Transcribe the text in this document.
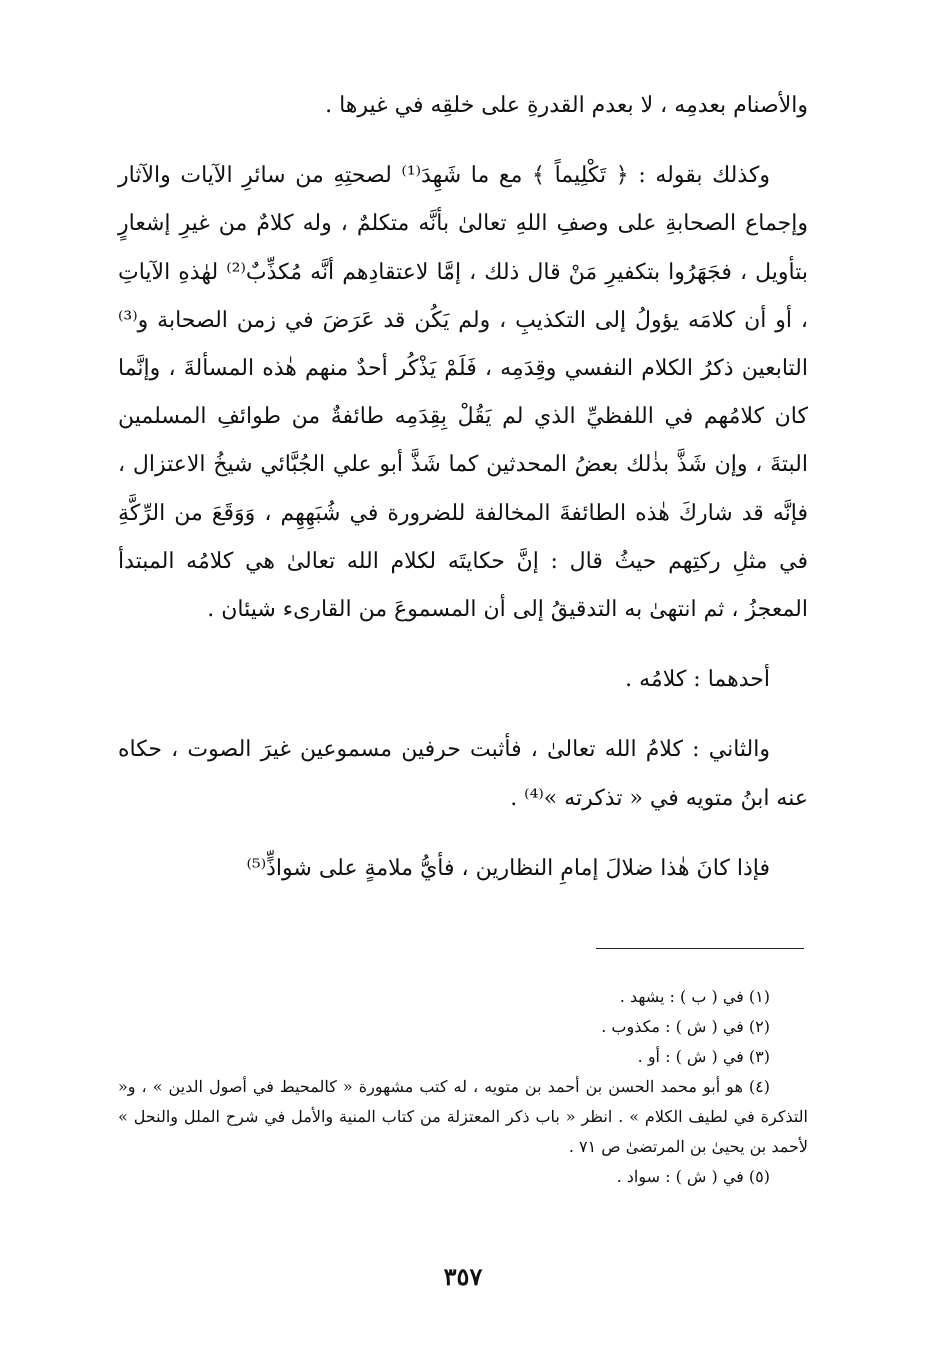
والأصنام بعدمِه ، لا بعدم القدرةِ على خلقِه في غيرها .

وكذلك بقوله : ﴿ تَكْلِيماً ﴾ مع ما شَهِدَ⁽¹⁾ لصحتِهِ من سائرِ الآيات والآثار وإجماع الصحابةِ على وصفِ اللهِ تعالىٰ بأنَّه متكلمٌ ، وله كلامٌ من غيرِ إشعارٍ بتأويل ، فجَهَرُوا بتكفيرِ مَنْ قال ذلك ، إمَّا لاعتقادِهم أنَّه مُكذِّبٌ⁽²⁾ لهٰذهِ الآياتِ ، أو أن كلامَه يؤولُ إلى التكذيبِ ، ولم يَكُن قد عَرَضَ في زمن الصحابة و⁽³⁾التابعين ذكرُ الكلام النفسي وقِدَمِه ، فَلَمْ يَذْكُر أحدٌ منهم هٰذه المسألةَ ، وإنَّما كان كلامُهم في اللفظيِّ الذي لم يَقُلْ بِقِدَمِه طائفةٌ من طوائفِ المسلمين البتةَ ، وإن شَذَّ بذٰلك بعضُ المحدثين كما شَذَّ أبو علي الجُبَّائي شيخُ الاعتزال ، فإنَّه قد شاركَ هٰذه الطائفةَ المخالفة للضرورة في شُبَهِهِم ، وَوَقَعَ من الرِّكَّةِ في مثلِ ركتِهم حيثُ قال : إنَّ حكايتَه لكلام الله تعالىٰ هي كلامُه المبتدأ المعجزُ ، ثم انتهىٰ به التدقيقُ إلى أن المسموعَ من القارىء شيئان .

أحدهما : كلامُه .

والثاني : كلامُ الله تعالىٰ ، فأثبت حرفين مسموعين غيرَ الصوت ، حكاه عنه ابنُ متويه في « تذكرته »⁽⁴⁾ .

فإذا كانَ هٰذا ضلالَ إمامِ النظارين ، فأيُّ ملامةٍ على شواذٍّ⁽⁵⁾

(١) في ( ب ) : يشهد .

(٢) في ( ش ) : مكذوب .

(٣) في ( ش ) : أو .

(٤) هو أبو محمد الحسن بن أحمد بن متويه ، له كتب مشهورة « كالمحيط في أصول الدين » ، و« التذكرة في لطيف الكلام » . انظر « باب ذكر المعتزلة من كتاب المنية والأمل في شرح الملل والنحل » لأحمد بن يحيىٰ بن المرتضىٰ ص ٧١ .

(٥) في ( ش ) : سواد .

٣٥٧
